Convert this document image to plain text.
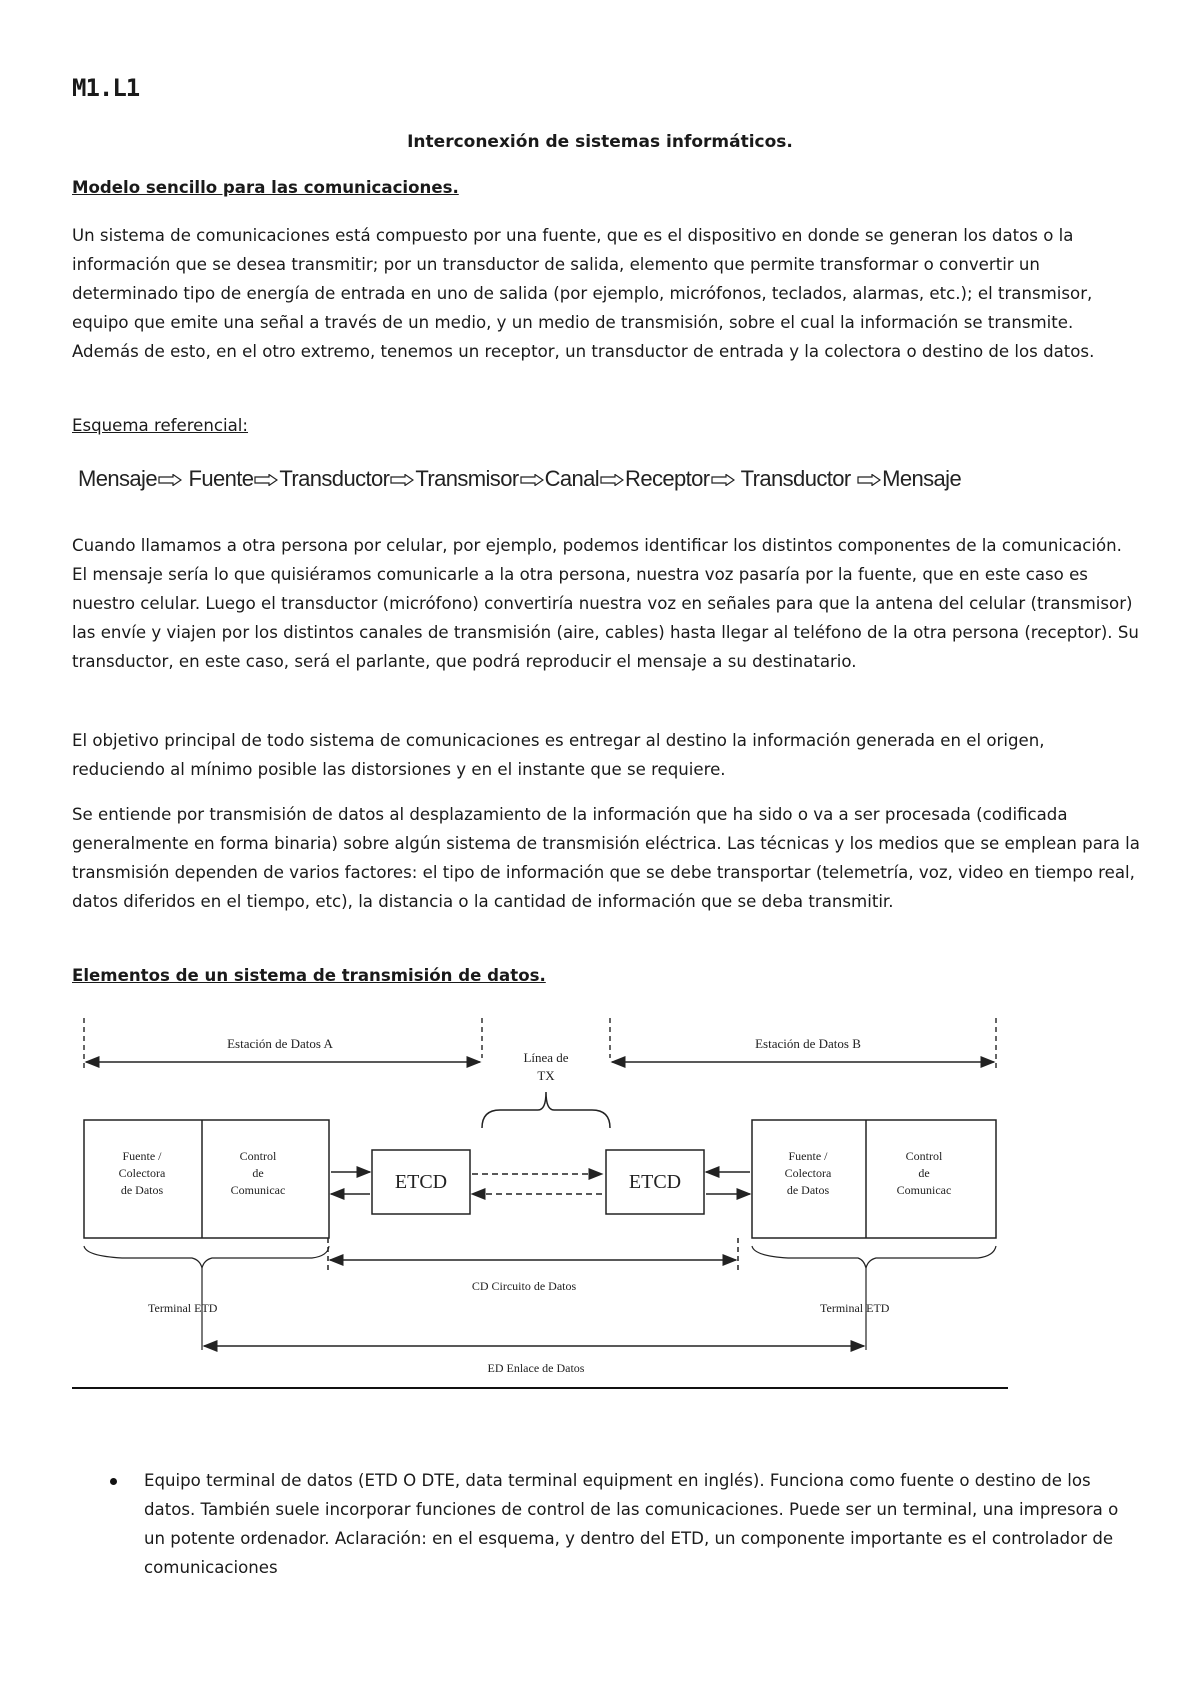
M1.L1
Interconexión de sistemas informáticos.
Modelo sencillo para las comunicaciones.
Un sistema de comunicaciones está compuesto por una fuente, que es el dispositivo en donde se generan los datos o la información que se desea transmitir; por un transductor de salida, elemento que permite transformar o convertir un determinado tipo de energía de entrada en uno de salida (por ejemplo, micrófonos, teclados, alarmas, etc.); el transmisor, equipo que emite una señal a través de un medio, y un medio de transmisión, sobre el cual la información se transmite. Además de esto, en el otro extremo, tenemos un receptor, un transductor de entrada y la colectora o destino de los datos.
Esquema referencial:
Mensaje Fuente Transductor Transmisor Canal Receptor Transductor Mensaje
Cuando llamamos a otra persona por celular, por ejemplo, podemos identificar los distintos componentes de la comunicación. El mensaje sería lo que quisiéramos comunicarle a la otra persona, nuestra voz pasaría por la fuente, que en este caso es nuestro celular. Luego el transductor (micrófono) convertiría nuestra voz en señales para que la antena del celular (transmisor) las envíe y viajen por los distintos canales de transmisión (aire, cables) hasta llegar al teléfono de la otra persona (receptor). Su transductor, en este caso, será el parlante, que podrá reproducir el mensaje a su destinatario.
El objetivo principal de todo sistema de comunicaciones es entregar al destino la información generada en el origen, reduciendo al mínimo posible las distorsiones y en el instante que se requiere.
Se entiende por transmisión de datos al desplazamiento de la información que ha sido o va a ser procesada (codificada generalmente en forma binaria) sobre algún sistema de transmisión eléctrica. Las técnicas y los medios que se emplean para la transmisión dependen de varios factores: el tipo de información que se debe transportar (telemetría, voz, video en tiempo real, datos diferidos en el tiempo, etc), la distancia o la cantidad de información que se deba transmitir.
Elementos de un sistema de transmisión de datos.
Estación de Datos A	Estación de Datos B
Línea de
TX
Fuente /
Colectora
de Datos
Control
de
Comunicac
Fuente /
Colectora
de Datos
Control
de
Comunicac
ETCD	ETCD
CD Circuito de Datos
Terminal ETD	Terminal ETD
ED Enlace de Datos
Equipo terminal de datos (ETD O DTE, data terminal equipment en inglés). Funciona como fuente o destino de los datos. También suele incorporar funciones de control de las comunicaciones. Puede ser un terminal, una impresora o un potente ordenador. Aclaración: en el esquema, y dentro del ETD, un componente importante es el controlador de comunicaciones
